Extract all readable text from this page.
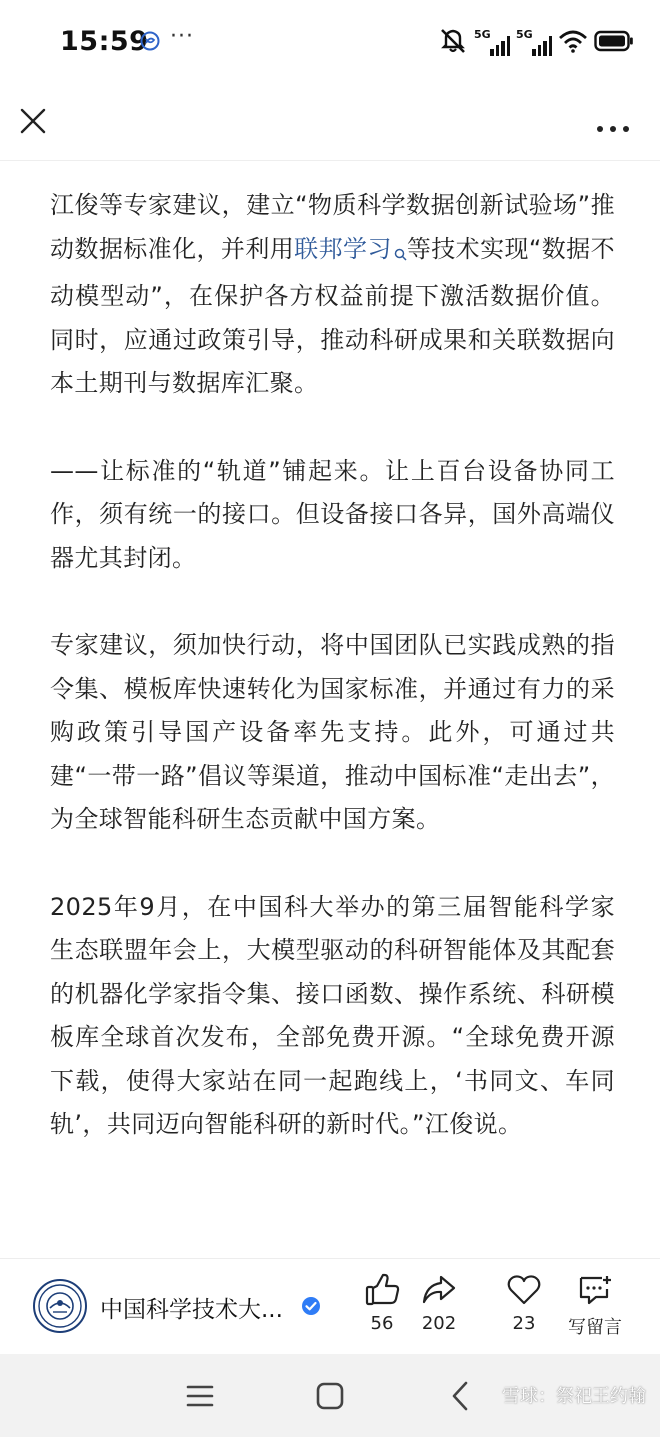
15:59 ···	5G 5G

江俊等专家建议，建立“物质科学数据创新试验场”推动数据标准化，并利用联邦学习 等技术实现“数据不动模型动”，在保护各方权益前提下激活数据价值。同时，应通过政策引导，推动科研成果和关联数据向本土期刊与数据库汇聚。

——让标准的“轨道”铺起来。让上百台设备协同工作，须有统一的接口。但设备接口各异，国外高端仪器尤其封闭。

专家建议，须加快行动，将中国团队已实践成熟的指令集、模板库快速转化为国家标准，并通过有力的采购政策引导国产设备率先支持。此外，可通过共建“一带一路”倡议等渠道，推动中国标准“走出去”，为全球智能科研生态贡献中国方案。

2025年9月，在中国科大举办的第三届智能科学家生态联盟年会上，大模型驱动的科研智能体及其配套的机器化学家指令集、接口函数、操作系统、科研模板库全球首次发布，全部免费开源。“全球免费开源下载，使得大家站在同一起跑线上，‘书同文、车同轨’，共同迈向智能科研的新时代。”江俊说。

中国科学技术大...
56	202	23	写留言
雪球：祭祀王约翰
